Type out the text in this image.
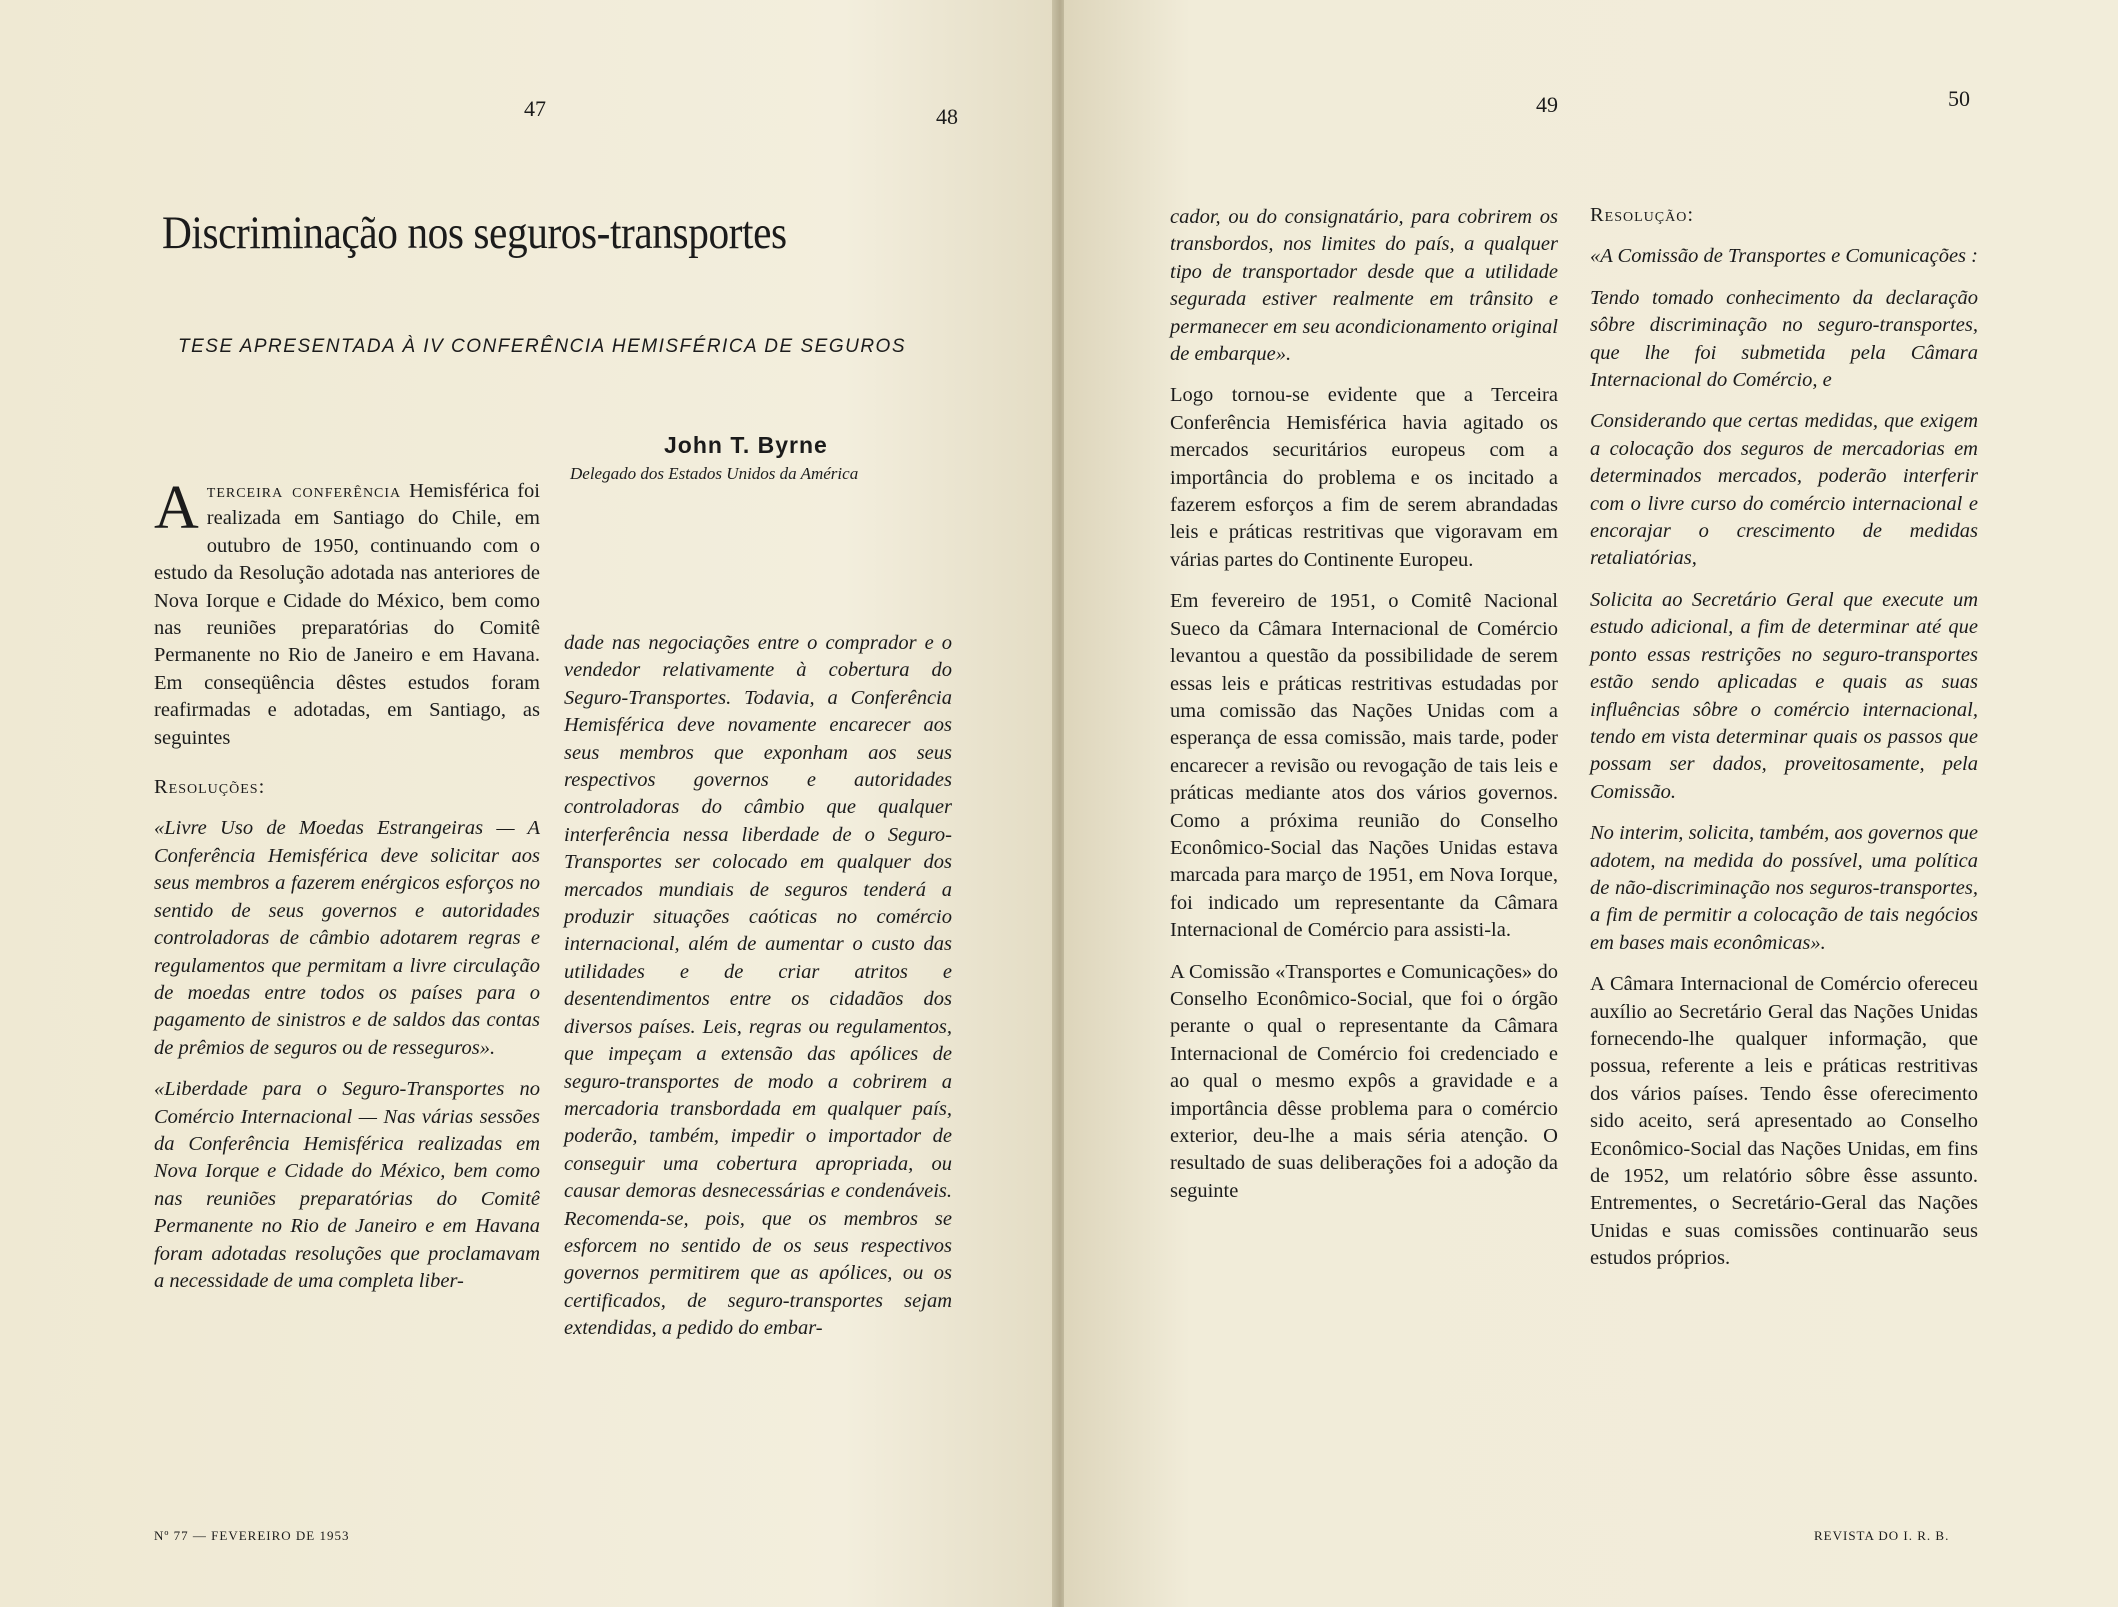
47	48
Discriminação nos seguros-transportes
TESE APRESENTADA À IV CONFERÊNCIA HEMISFÉRICA DE SEGUROS
John T. Byrne
Delegado dos Estados Unidos da América

Aterceira conferência Hemisférica foi realizada em Santiago do Chile, em outubro de 1950, continuando com o estudo da Resolução adotada nas anteriores de Nova Iorque e Cidade do México, bem como nas reuniões preparatórias do Comitê Permanente no Rio de Janeiro e em Havana. Em conseqüência dêstes estudos foram reafirmadas e adotadas, em Santiago, as seguintes

Resoluções:

«Livre Uso de Moedas Estrangeiras — A Conferência Hemisférica deve solicitar aos seus membros a fazerem enérgicos esforços no sentido de seus governos e autoridades controladoras de câmbio adotarem regras e regulamentos que permitam a livre circulação de moedas entre todos os países para o pagamento de sinistros e de saldos das contas de prêmios de seguros ou de resseguros».

«Liberdade para o Seguro-Transportes no Comércio Internacional — Nas várias sessões da Conferência Hemisférica realizadas em Nova Iorque e Cidade do México, bem como nas reuniões preparatórias do Comitê Permanente no Rio de Janeiro e em Havana foram adotadas resoluções que proclamavam a necessidade de uma completa liber-

dade nas negociações entre o comprador e o vendedor relativamente à cobertura do Seguro-Transportes. Todavia, a Conferência Hemisférica deve novamente encarecer aos seus membros que exponham aos seus respectivos governos e autoridades controladoras do câmbio que qualquer interferência nessa liberdade de o Seguro-Transportes ser colocado em qualquer dos mercados mundiais de seguros tenderá a produzir situações caóticas no comércio internacional, além de aumentar o custo das utilidades e de criar atritos e desentendimentos entre os cidadãos dos diversos países. Leis, regras ou regulamentos, que impeçam a extensão das apólices de seguro-transportes de modo a cobrirem a mercadoria transbordada em qualquer país, poderão, também, impedir o importador de conseguir uma cobertura apropriada, ou causar demoras desnecessárias e condenáveis. Recomenda-se, pois, que os membros se esforcem no sentido de os seus respectivos governos permitirem que as apólices, ou os certificados, de seguro-transportes sejam extendidas, a pedido do embar-

Nº 77 — FEVEREIRO DE 1953
49	50

cador, ou do consignatário, para cobrirem os transbordos, nos limites do país, a qualquer tipo de transportador desde que a utilidade segurada estiver realmente em trânsito e permanecer em seu acondicionamento original de embarque».

Logo tornou-se evidente que a Terceira Conferência Hemisférica havia agitado os mercados securitários europeus com a importância do problema e os incitado a fazerem esforços a fim de serem abrandadas leis e práticas restritivas que vigoravam em várias partes do Continente Europeu.

Em fevereiro de 1951, o Comitê Nacional Sueco da Câmara Internacional de Comércio levantou a questão da possibilidade de serem essas leis e práticas restritivas estudadas por uma comissão das Nações Unidas com a esperança de essa comissão, mais tarde, poder encarecer a revisão ou revogação de tais leis e práticas mediante atos dos vários governos. Como a próxima reunião do Conselho Econômico-Social das Nações Unidas estava marcada para março de 1951, em Nova Iorque, foi indicado um representante da Câmara Internacional de Comércio para assisti-la.

A Comissão «Transportes e Comunicações» do Conselho Econômico-Social, que foi o órgão perante o qual o representante da Câmara Internacional de Comércio foi credenciado e ao qual o mesmo expôs a gravidade e a importância dêsse problema para o comércio exterior, deu-lhe a mais séria atenção. O resultado de suas deliberações foi a adoção da seguinte

Resolução:

«A Comissão de Transportes e Comunicações :

Tendo tomado conhecimento da declaração sôbre discriminação no seguro-transportes, que lhe foi submetida pela Câmara Internacional do Comércio, e

Considerando que certas medidas, que exigem a colocação dos seguros de mercadorias em determinados mercados, poderão interferir com o livre curso do comércio internacional e encorajar o crescimento de medidas retaliatórias,

Solicita ao Secretário Geral que execute um estudo adicional, a fim de determinar até que ponto essas restrições no seguro-transportes estão sendo aplicadas e quais as suas influências sôbre o comércio internacional, tendo em vista determinar quais os passos que possam ser dados, proveitosamente, pela Comissão.

No interim, solicita, também, aos governos que adotem, na medida do possível, uma política de não-discriminação nos seguros-transportes, a fim de permitir a colocação de tais negócios em bases mais econômicas».

A Câmara Internacional de Comércio ofereceu auxílio ao Secretário Geral das Nações Unidas fornecendo-lhe qualquer informação, que possua, referente a leis e práticas restritivas dos vários países. Tendo êsse oferecimento sido aceito, será apresentado ao Conselho Econômico-Social das Nações Unidas, em fins de 1952, um relatório sôbre êsse assunto. Entrementes, o Secretário-Geral das Nações Unidas e suas comissões continuarão seus estudos próprios.

REVISTA DO I. R. B.
